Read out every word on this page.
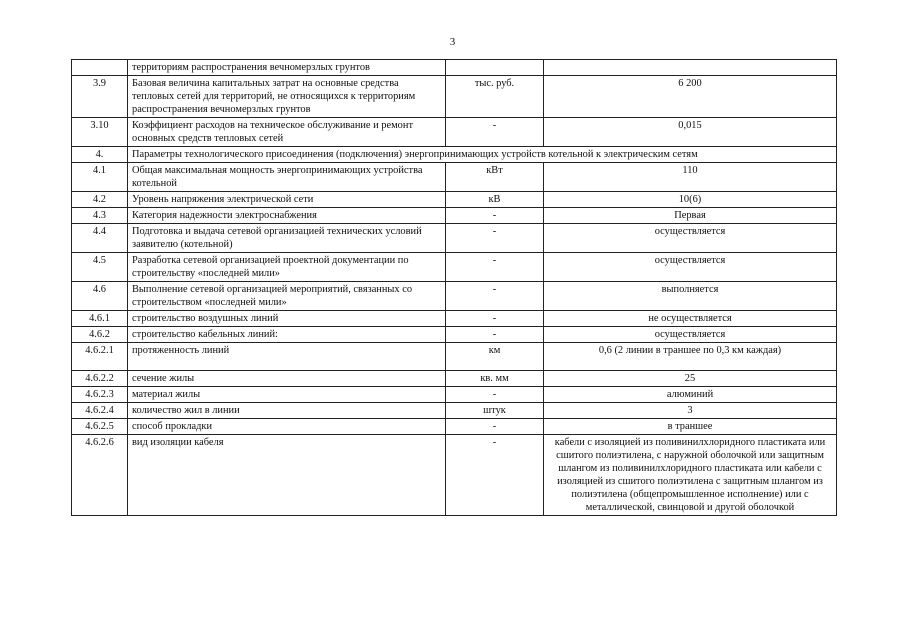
3
	территориям распространения вечномерзлых грунтов		
3.9	Базовая величина капитальных затрат на основные средства тепловых сетей для территорий, не относящихся к территориям распространения вечномерзлых грунтов	тыс. руб.	6 200
3.10	Коэффициент расходов на техническое обслуживание и ремонт основных средств тепловых сетей	-	0,015
4.	Параметры технологического присоединения (подключения) энергопринимающих устройств котельной к электрическим сетям		
4.1	Общая максимальная мощность энергопринимающих устройства котельной	кВт	110
4.2	Уровень напряжения электрической сети	кВ	10(6)
4.3	Категория надежности электроснабжения	-	Первая
4.4	Подготовка и выдача сетевой организацией технических условий заявителю (котельной)	-	осуществляется
4.5	Разработка сетевой организацией проектной документации по строительству «последней мили»	-	осуществляется
4.6	Выполнение сетевой организацией мероприятий, связанных со строительством «последней мили»	-	выполняется
4.6.1	строительство воздушных линий	-	не осуществляется
4.6.2	строительство кабельных линий:	-	осуществляется
4.6.2.1	протяженность линий	км	0,6 (2 линии в траншее по 0,3 км каждая)
4.6.2.2	сечение жилы	кв. мм	25
4.6.2.3	материал жилы	-	алюминий
4.6.2.4	количество жил в линии	штук	3
4.6.2.5	способ прокладки	-	в траншее
4.6.2.6	вид изоляции кабеля	-	кабели с изоляцией из поливинилхлоридного пластиката или сшитого полиэтилена, с наружной оболочкой или защитным шлангом из поливинилхлоридного пластиката или кабели с изоляцией из сшитого полиэтилена с защитным шлангом из полиэтилена (общепромышленное исполнение) или с металлической, свинцовой и другой оболочкой
